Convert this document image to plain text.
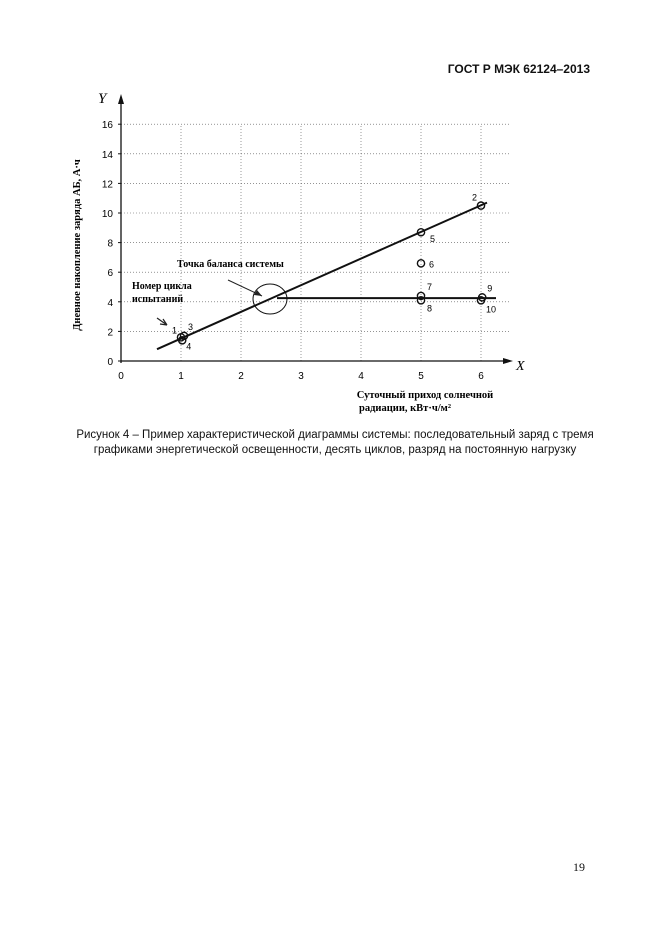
ГОСТ Р МЭК 62124–2013
0
2
4
6
8
10
12
14
16
0	1	2	3	4	5	6
1 3
4
2
5
6
7
8
9
10
Y
X
Дневное накопление заряда АБ, А·ч
Суточный приход солнечной
радиации, кВт·ч/м²
Точка баланса системы
Номер цикла
испытаний
Рисунок 4 – Пример характеристической диаграммы системы: последовательный заряд с тремя
графиками энергетической освещенности, десять циклов, разряд на постоянную нагрузку
19
